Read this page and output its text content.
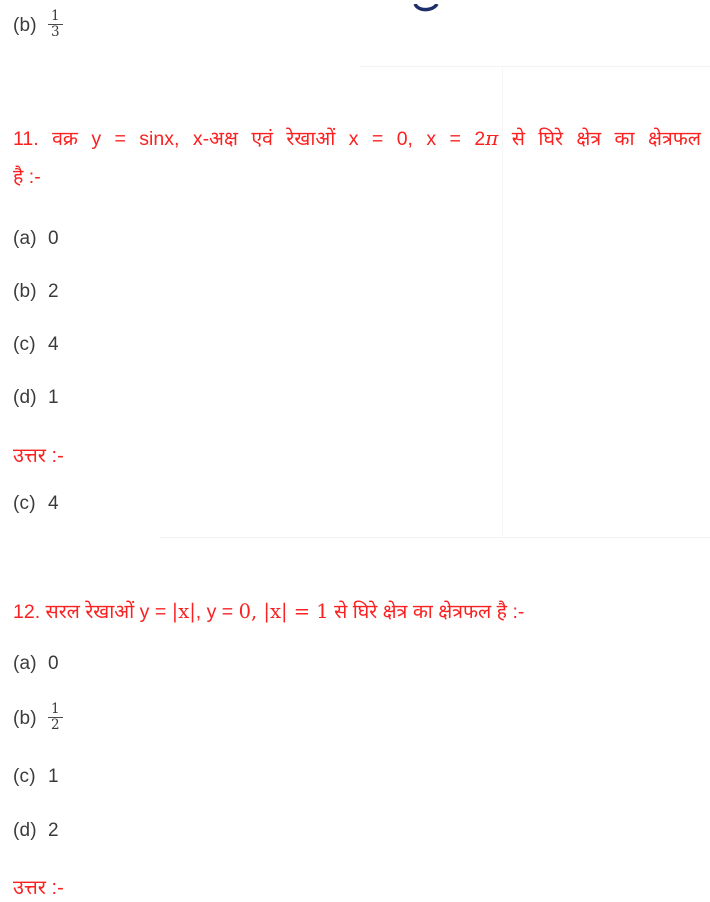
$(b) \frac{1}{3}$
11. वक्र y = sinx, x-अक्ष एवं रेखाओं x = 0, x = 2π से घिरे क्षेत्र का क्षेत्रफल
है :-
(a) 0
(b) 2
(c) 4
(d) 1
उत्तर :-
(c) 4
12. सरल रेखाओं y = |x|, y = 0, |x| = 1 से घिरे क्षेत्र का क्षेत्रफल है :-
(a) 0
$(b) \frac{1}{2}$
(c) 1
(d) 2
उत्तर :-
